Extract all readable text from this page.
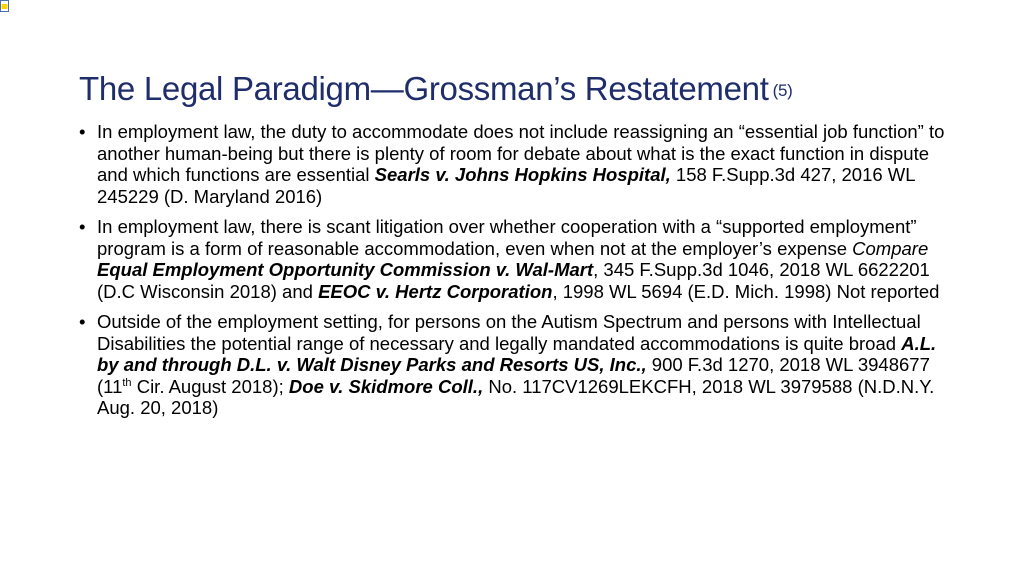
The Legal Paradigm—Grossman’s Restatement (5)
• In employment law, the duty to accommodate does not include reassigning an “essential job function” to another human-being but there is plenty of room for debate about what is the exact function in dispute and which functions are essential Searls v. Johns Hopkins Hospital, 158 F.Supp.3d 427, 2016 WL 245229 (D. Maryland 2016)
• In employment law, there is scant litigation over whether cooperation with a “supported employment” program is a form of reasonable accommodation, even when not at the employer’s expense Compare Equal Employment Opportunity Commission v. Wal-Mart, 345 F.Supp.3d 1046, 2018 WL 6622201 (D.C Wisconsin 2018) and EEOC v. Hertz Corporation, 1998 WL 5694 (E.D. Mich. 1998) Not reported
• Outside of the employment setting, for persons on the Autism Spectrum and persons with Intellectual Disabilities the potential range of necessary and legally mandated accommodations is quite broad A.L. by and through D.L. v. Walt Disney Parks and Resorts US, Inc., 900 F.3d 1270, 2018 WL 3948677 (11th Cir. August 2018); Doe v. Skidmore Coll., No. 117CV1269LEKCFH, 2018 WL 3979588 (N.D.N.Y. Aug. 20, 2018)
